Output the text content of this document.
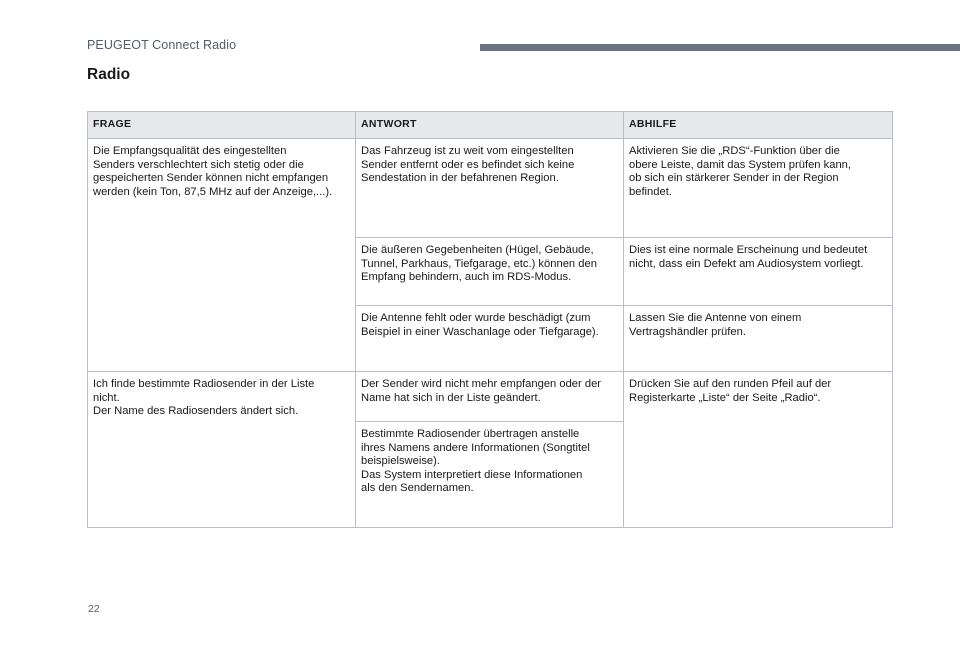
PEUGEOT Connect Radio
Radio
FRAGE	ANTWORT	ABHILFE

Die Empfangsqualität des eingestellten
Senders verschlechtert sich stetig oder die
gespeicherten Sender können nicht empfangen
werden (kein Ton, 87,5 MHz auf der Anzeige,...).	Das Fahrzeug ist zu weit vom eingestellten
Sender entfernt oder es befindet sich keine
Sendestation in der befahrenen Region.	Aktivieren Sie die „RDS“-Funktion über die
obere Leiste, damit das System prüfen kann,
ob sich ein stärkerer Sender in der Region
befindet.

	Die äußeren Gegebenheiten (Hügel, Gebäude,
Tunnel, Parkhaus, Tiefgarage, etc.) können den
Empfang behindern, auch im RDS-Modus.	Dies ist eine normale Erscheinung und bedeutet
nicht, dass ein Defekt am Audiosystem vorliegt.

	Die Antenne fehlt oder wurde beschädigt (zum
Beispiel in einer Waschanlage oder Tiefgarage).	Lassen Sie die Antenne von einem
Vertragshändler prüfen.

Ich finde bestimmte Radiosender in der Liste
nicht.
Der Name des Radiosenders ändert sich.	Der Sender wird nicht mehr empfangen oder der
Name hat sich in der Liste geändert.	Drücken Sie auf den runden Pfeil auf der
Registerkarte „Liste“ der Seite „Radio“.

	Bestimmte Radiosender übertragen anstelle
ihres Namens andere Informationen (Songtitel
beispielsweise).
Das System interpretiert diese Informationen
als den Sendernamen.	
22
